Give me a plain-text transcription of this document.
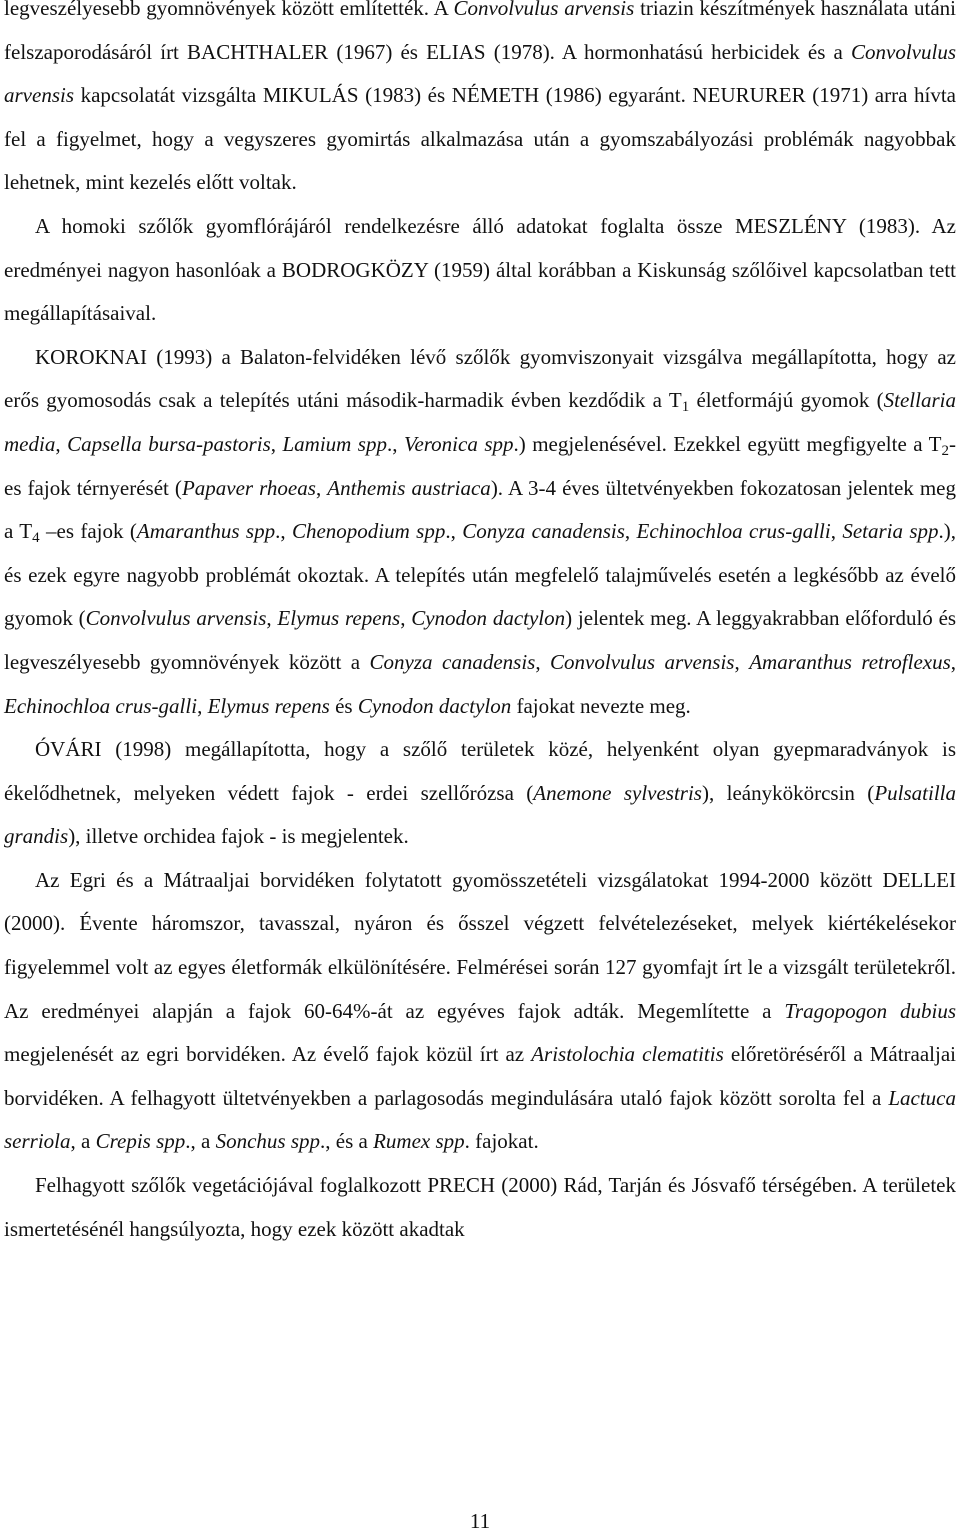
legveszélyesebb gyomnövények között említették. A Convolvulus arvensis triazin készítmények használata utáni felszaporodásáról írt BACHTHALER (1967) és ELIAS (1978). A hormonhatású herbicidek és a Convolvulus arvensis kapcsolatát vizsgálta MIKULÁS (1983) és NÉMETH (1986) egyaránt. NEURURER (1971) arra hívta fel a figyelmet, hogy a vegyszeres gyomirtás alkalmazása után a gyomszabályozási problémák nagyobbak lehetnek, mint kezelés előtt voltak.

A homoki szőlők gyomflórájáról rendelkezésre álló adatokat foglalta össze MESZLÉNY (1983). Az eredményei nagyon hasonlóak a BODROGKÖZY (1959) által korábban a Kiskunság szőlőivel kapcsolatban tett megállapításaival.

KOROKNAI (1993) a Balaton-felvidéken lévő szőlők gyomviszonyait vizsgálva megállapította, hogy az erős gyomosodás csak a telepítés utáni második-harmadik évben kezdődik a $T_1$ életformájú gyomok (Stellaria media, Capsella bursa-pastoris, Lamium spp., Veronica spp.) megjelenésével. Ezekkel együtt megfigyelte a $T_2-es$ fajok térnyerését (Papaver rhoeas, Anthemis austriaca). A 3-4 éves ültetvényekben fokozatosan jelentek meg a $T_4$ –es fajok (Amaranthus spp., Chenopodium spp., Conyza canadensis, Echinochloa crus-galli, Setaria spp.), és ezek egyre nagyobb problémát okoztak. A telepítés után megfelelő talajművelés esetén a legkésőbb az évelő gyomok (Convolvulus arvensis, Elymus repens, Cynodon dactylon) jelentek meg. A leggyakrabban előforduló és legveszélyesebb gyomnövények között a Conyza canadensis, Convolvulus arvensis, Amaranthus retroflexus, Echinochloa crus-galli, Elymus repens és Cynodon dactylon fajokat nevezte meg.

ÓVÁRI (1998) megállapította, hogy a szőlő területek közé, helyenként olyan gyepmaradványok is ékelődhetnek, melyeken védett fajok - erdei szellőrózsa (Anemone sylvestris), leánykökörcsin (Pulsatilla grandis), illetve orchidea fajok - is megjelentek.

Az Egri és a Mátraaljai borvidéken folytatott gyomösszetételi vizsgálatokat 1994-2000 között DELLEI (2000). Évente háromszor, tavasszal, nyáron és ősszel végzett felvételezéseket, melyek kiértékelésekor figyelemmel volt az egyes életformák elkülönítésére. Felmérései során 127 gyomfajt írt le a vizsgált területekről. Az eredményei alapján a fajok 60-64%-át az egyéves fajok adták. Megemlítette a Tragopogon dubius megjelenését az egri borvidéken. Az évelő fajok közül írt az Aristolochia clematitis előretöréséről a Mátraaljai borvidéken. A felhagyott ültetvényekben a parlagosodás megindulására utaló fajok között sorolta fel a Lactuca serriola, a Crepis spp., a Sonchus spp., és a Rumex spp. fajokat.

Felhagyott szőlők vegetációjával foglalkozott PRECH (2000) Rád, Tarján és Jósvafő térségében. A területek ismertetésénél hangsúlyozta, hogy ezek között akadtak

11
